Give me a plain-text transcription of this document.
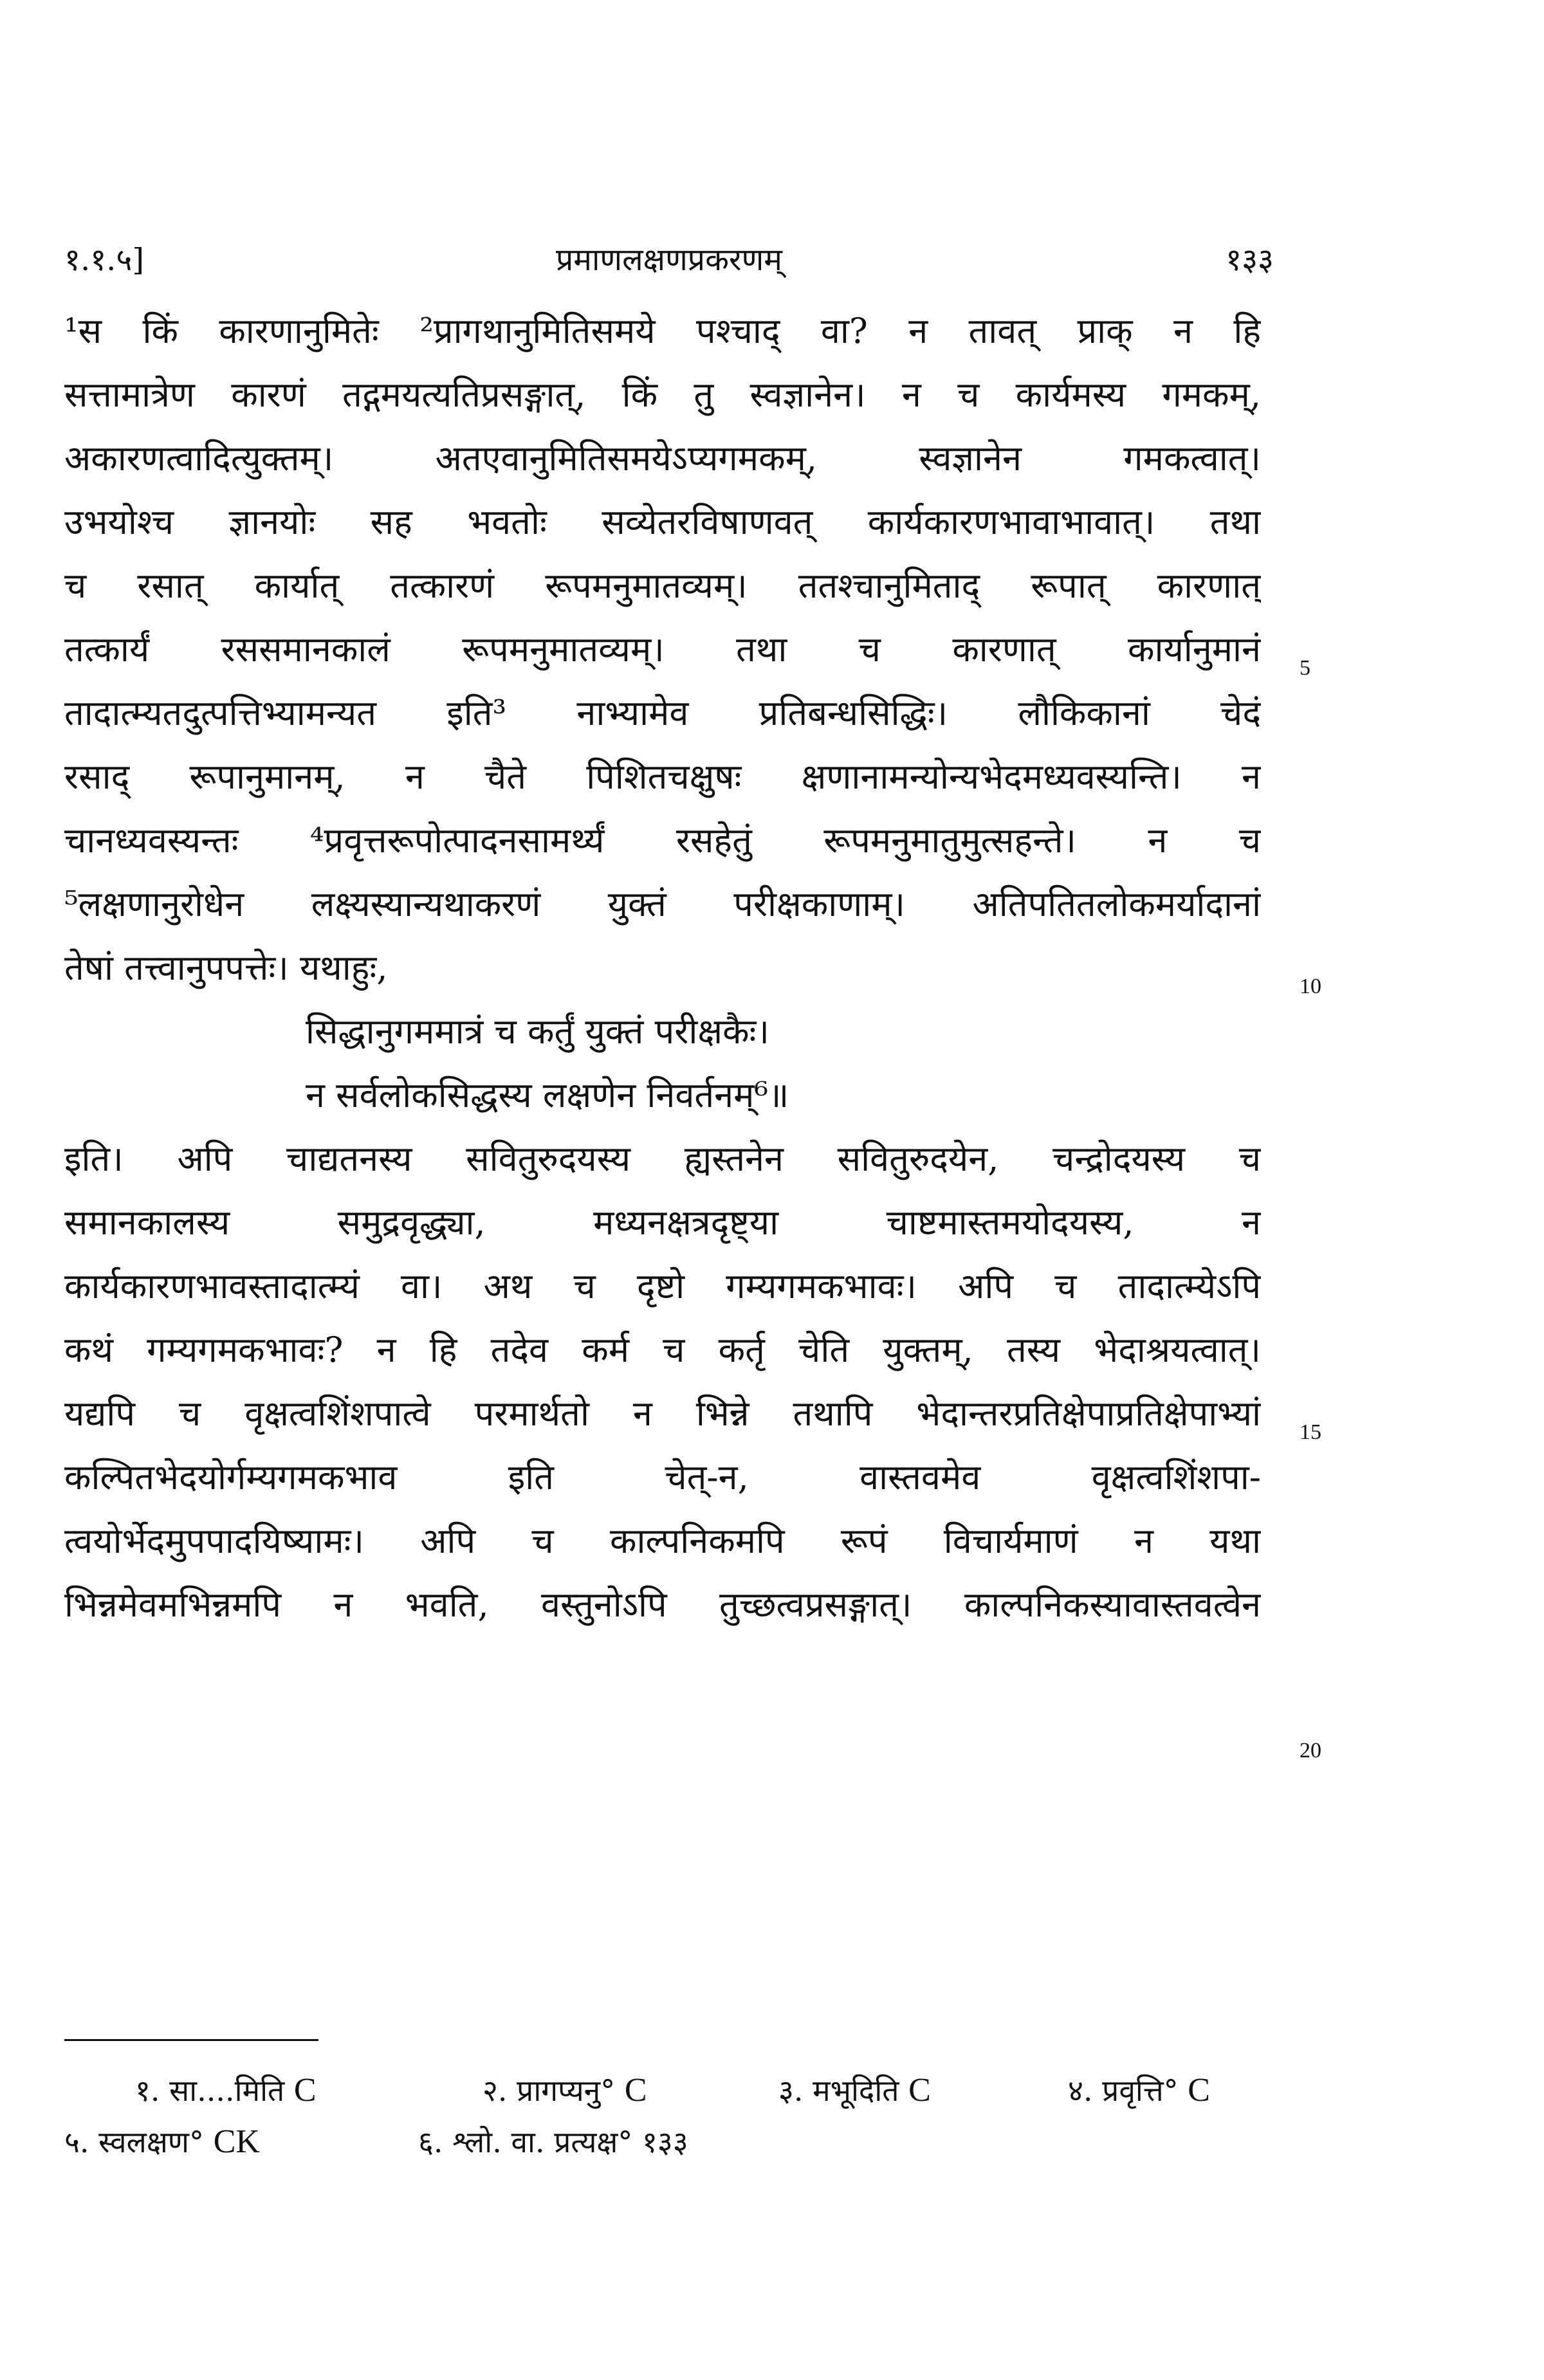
१.१.५]	प्रमाणलक्षणप्रकरणम्	१३३
¹स किं कारणानुमितेः ²प्रागथानुमितिसमये पश्चाद् वा? न तावत् प्राक् न हि
सत्तामात्रेण कारणं तद्गमयत्यतिप्रसङ्गात्, किं तु स्वज्ञानेन। न च कार्यमस्य गमकम्,
अकारणत्वादित्युक्तम्। अतएवानुमितिसमयेऽप्यगमकम्, स्वज्ञानेन गमकत्वात्।
उभयोश्च ज्ञानयोः सह भवतोः सव्येतरविषाणवत् कार्यकारणभावाभावात्। तथा
च रसात् कार्यात् तत्कारणं रूपमनुमातव्यम्। ततश्चानुमिताद् रूपात् कारणात्
तत्कार्यं रससमानकालं रूपमनुमातव्यम्। तथा च कारणात् कार्यानुमानं
तादात्म्यतदुत्पत्तिभ्यामन्यत इति³ नाभ्यामेव प्रतिबन्धसिद्धिः। लौकिकानां चेदं
रसाद् रूपानुमानम्, न चैते पिशितचक्षुषः क्षणानामन्योन्यभेदमध्यवस्यन्ति। न
चानध्यवस्यन्तः ⁴प्रवृत्तरूपोत्पादनसामर्थ्यं रसहेतुं रूपमनुमातुमुत्सहन्ते। न च
⁵लक्षणानुरोधेन लक्ष्यस्यान्यथाकरणं युक्तं परीक्षकाणाम्। अतिपतितलोकमर्यादानां
तेषां तत्त्वानुपपत्तेः। यथाहुः,
सिद्धानुगममात्रं च कर्तुं युक्तं परीक्षकैः।
न सर्वलोकसिद्धस्य लक्षणेन निवर्तनम्⁶॥
इति। अपि चाद्यतनस्य सवितुरुदयस्य ह्यस्तनेन सवितुरुदयेन, चन्द्रोदयस्य च
समानकालस्य समुद्रवृद्ध्या, मध्यनक्षत्रदृष्ट्या चाष्टमास्तमयोदयस्य, न
कार्यकारणभावस्तादात्म्यं वा। अथ च दृष्टो गम्यगमकभावः। अपि च तादात्म्येऽपि
कथं गम्यगमकभावः? न हि तदेव कर्म च कर्तृ चेति युक्तम्, तस्य भेदाश्रयत्वात्।
यद्यपि च वृक्षत्वशिंशपात्वे परमार्थतो न भिन्ने तथापि भेदान्तरप्रतिक्षेपाप्रतिक्षेपाभ्यां
कल्पितभेदयोर्गम्यगमकभाव इति चेत्-न, वास्तवमेव वृक्षत्वशिंशपा-
त्वयोर्भेदमुपपादयिष्यामः। अपि च काल्पनिकमपि रूपं विचार्यमाणं न यथा
भिन्नमेवमभिन्नमपि न भवति, वस्तुनोऽपि तुच्छत्वप्रसङ्गात्। काल्पनिकस्यावास्तवत्वेन
5
10
15
20
१. सा....मिति C	२. प्रागप्यनु° C	३. मभूदिति C	४. प्रवृत्ति° C
५. स्वलक्षण° CK	६. श्लो. वा. प्रत्यक्ष° १३३
